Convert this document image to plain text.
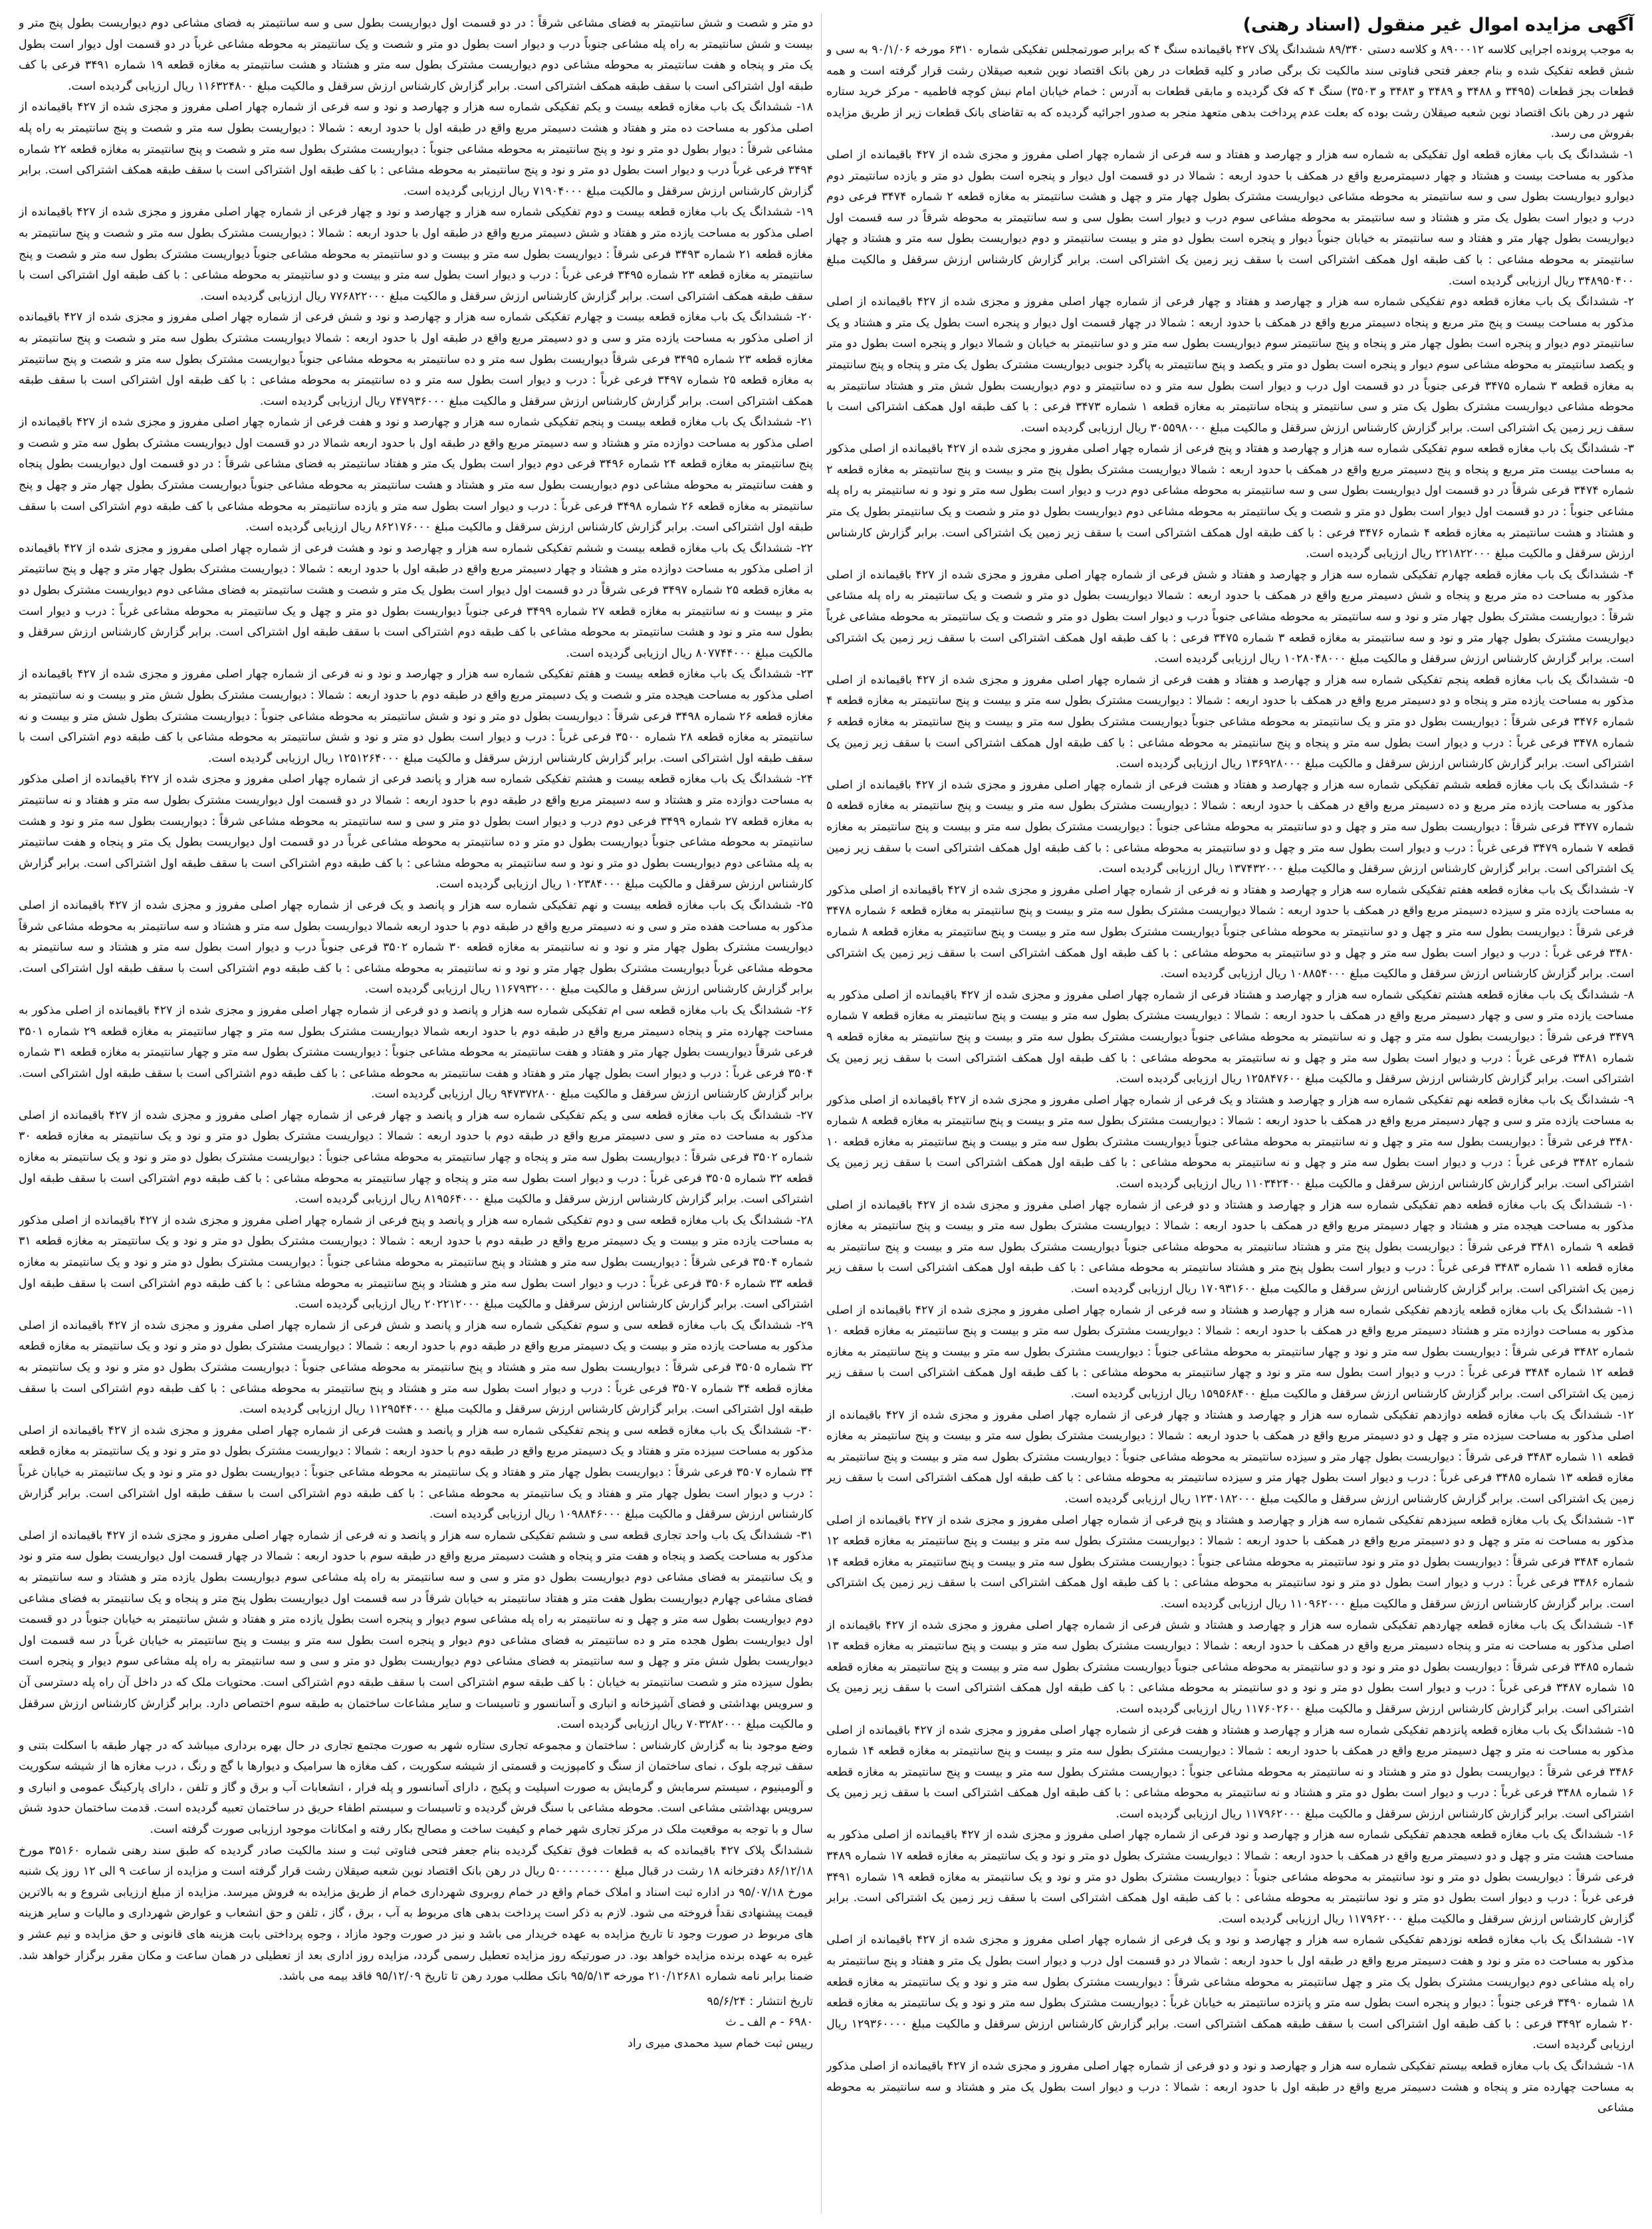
آگهی مزایده اموال غیر منقول (اسناد رهنی)

به موجب پرونده اجرایی کلاسه ۸۹۰۰۰۱۲ و کلاسه دستی ۸۹/۳۴۰ ششدانگ پلاک ۴۲۷ باقیمانده سنگ ۴ که برابر صورتمجلس تفکیکی شماره ۶۳۱۰ مورخه ۹۰/۱/۰۶ به سی و شش قطعه تفکیک شده و بنام جعفر فتحی فناوتی سند مالکیت تک برگی صادر و کلیه قطعات در رهن بانک اقتصاد نوین شعبه صیقلان رشت قرار گرفته است و همه قطعات بجز قطعات (۳۴۹۵ و ۳۴۸۸ و ۳۴۸۹ و ۳۴۸۳ و ۳۵۰۳) سنگ ۴ که فک گردیده و مابقی قطعات به آدرس : خمام خیابان امام نبش کوچه فاطمیه - مرکز خرید ستاره شهر در رهن بانک اقتصاد نوین شعبه صیقلان رشت بوده که بعلت عدم پرداخت بدهی متعهد منجر به صدور اجرائیه گردیده که به تقاضای بانک قطعات زیر از طریق مزایده بفروش می رسد.

۱- ششدانگ یک باب مغازه قطعه اول تفکیکی به شماره سه هزار و چهارصد و هفتاد و سه فرعی از شماره چهار اصلی مفروز و مجزی شده از ۴۲۷ باقیمانده از اصلی مذکور به مساحت بیست و هشتاد و چهار دسیمترمربع واقع در همکف با حدود اربعه : شمالا در دو قسمت اول دیوار و پنجره است بطول دو متر و یازده سانتیمتر دوم دیوارو دیواریست بطول سی و سه سانتیمتر به محوطه مشاعی دیواریست مشترک بطول چهار متر و چهل و هشت سانتیمتر به مغازه قطعه ۲ شماره ۳۴۷۴ فرعی دوم درب و دیوار است بطول یک متر و هشتاد و سه سانتیمتر به محوطه مشاعی سوم درب و دیوار است بطول سی و سه سانتیمتر به محوطه شرقاً در سه قسمت اول دیواریست بطول چهار متر و هفتاد و سه سانتیمتر به خیابان جنوباً دیوار و پنجره است بطول دو متر و بیست سانتیمتر و دوم دیواریست بطول سه متر و هشتاد و چهار سانتیمتر به محوطه مشاعی : با کف طبقه اول همکف اشتراکی است با سقف زیر زمین یک اشتراکی است. برابر گزارش کارشناس ارزش سرقفل و مالکیت مبلغ ۳۴۸۹۵۰۴۰۰ ریال ارزیابی گردیده است.

۲- ششدانگ یک باب مغازه قطعه دوم تفکیکی شماره سه هزار و چهارصد و هفتاد و چهار فرعی از شماره چهار اصلی مفروز و مجزی شده از ۴۲۷ باقیمانده از اصلی مذکور به مساحت بیست و پنج متر مربع و پنجاه دسیمتر مربع واقع در همکف با حدود اربعه : شمالا در چهار قسمت اول دیوار و پنجره است بطول یک متر و هشتاد و یک سانتیمتر دوم دیوار و پنجره است بطول چهار متر و پنجاه و پنج سانتیمتر سوم دیواریست بطول سه متر و دو سانتیمتر به خیابان و شمالا دیوار و پنجره است بطول دو متر و یکصد سانتیمتر به محوطه مشاعی سوم دیوار و پنجره است بطول دو متر و یکصد و پنج سانتیمتر به پاگرد جنوبی دیواریست مشترک بطول یک متر و پنجاه و پنج سانتیمتر به مغازه قطعه ۳ شماره ۳۴۷۵ فرعی جنوباً در دو قسمت اول درب و دیوار است بطول سه متر و ده سانتیمتر و دوم دیواریست بطول شش متر و هشتاد سانتیمتر به محوطه مشاعی دیواریست مشترک بطول یک متر و سی سانتیمتر و پنجاه سانتیمتر به مغازه قطعه ۱ شماره ۳۴۷۳ فرعی : با کف طبقه اول همکف اشتراکی است با سقف زیر زمین یک اشتراکی است. برابر گزارش کارشناس ارزش سرقفل و مالکیت مبلغ ۳۰۵۵۹۸۰۰۰ ریال ارزیابی گردیده است.

۳- ششدانگ یک باب مغازه قطعه سوم تفکیکی شماره سه هزار و چهارصد و هفتاد و پنج فرعی از شماره چهار اصلی مفروز و مجزی شده از ۴۲۷ باقیمانده از اصلی مذکور به مساحت بیست متر مربع و پنجاه و پنج دسیمتر مربع واقع در همکف با حدود اربعه : شمالا دیواریست مشترک بطول پنج متر و بیست و پنج سانتیمتر به مغازه قطعه ۲ شماره ۳۴۷۴ فرعی شرقاً در دو قسمت اول دیواریست بطول سی و سه سانتیمتر به محوطه مشاعی دوم درب و دیوار است بطول سه متر و نود و نه سانتیمتر به راه پله مشاعی جنوباً : در دو قسمت اول دیوار است بطول دو متر و شصت و یک سانتیمتر به محوطه مشاعی دوم دیواریست بطول دو متر و شصت و یک سانتیمتر بطول یک متر و هشتاد و هشت سانتیمتر به مغازه قطعه ۴ شماره ۳۴۷۶ فرعی : با کف طبقه اول همکف اشتراکی است با سقف زیر زمین یک اشتراکی است. برابر گزارش کارشناس ارزش سرقفل و مالکیت مبلغ ۲۲۱۸۲۲۰۰۰ ریال ارزیابی گردیده است.

۴- ششدانگ یک باب مغازه قطعه چهارم تفکیکی شماره سه هزار و چهارصد و هفتاد و شش فرعی از شماره چهار اصلی مفروز و مجزی شده از ۴۲۷ باقیمانده از اصلی مذکور به مساحت ده متر مربع و پنجاه و شش دسیمتر مربع واقع در همکف با حدود اربعه : شمالا دیواریست بطول دو متر و شصت و یک سانتیمتر به راه پله مشاعی شرقاً : دیواریست مشترک بطول چهار متر و نود و سه سانتیمتر به محوطه مشاعی جنوباً درب و دیوار است بطول دو متر و شصت و یک سانتیمتر به محوطه مشاعی غرباً دیواریست مشترک بطول چهار متر و نود و سه سانتیمتر به مغازه قطعه ۳ شماره ۳۴۷۵ فرعی : با کف طبقه اول همکف اشتراکی است با سقف زیر زمین یک اشتراکی است. برابر گزارش کارشناس ارزش سرقفل و مالکیت مبلغ ۱۰۲۸۰۴۸۰۰۰ ریال ارزیابی گردیده است.

۵- ششدانگ یک باب مغازه قطعه پنجم تفکیکی شماره سه هزار و چهارصد و هفتاد و هفت فرعی از شماره چهار اصلی مفروز و مجزی شده از ۴۲۷ باقیمانده از اصلی مذکور به مساحت یازده متر و پنجاه و دو دسیمتر مربع واقع در همکف با حدود اربعه : شمالا : دیواریست مشترک بطول سه متر و بیست و پنج سانتیمتر به مغازه قطعه ۴ شماره ۳۴۷۶ فرعی شرقاً : دیواریست بطول دو متر و یک سانتیمتر به محوطه مشاعی جنوباً دیواریست مشترک بطول سه متر و بیست و پنج سانتیمتر به مغازه قطعه ۶ شماره ۳۴۷۸ فرعی غرباً : درب و دیوار است بطول سه متر و پنجاه و پنج سانتیمتر به محوطه مشاعی : با کف طبقه اول همکف اشتراکی است با سقف زیر زمین یک اشتراکی است. برابر گزارش کارشناس ارزش سرقفل و مالکیت مبلغ ۱۳۶۹۲۸۰۰۰ ریال ارزیابی گردیده است.

۶- ششدانگ یک باب مغازه قطعه ششم تفکیکی شماره سه هزار و چهارصد و هفتاد و هشت فرعی از شماره چهار اصلی مفروز و مجزی شده از ۴۲۷ باقیمانده از اصلی مذکور به مساحت یازده متر مربع و ده دسیمتر مربع واقع در همکف با حدود اربعه : شمالا : دیواریست مشترک بطول سه متر و بیست و پنج سانتیمتر به مغازه قطعه ۵ شماره ۳۴۷۷ فرعی شرقاً : دیواریست بطول سه متر و چهل و دو سانتیمتر به محوطه مشاعی جنوباً : دیواریست مشترک بطول سه متر و بیست و پنج سانتیمتر به مغازه قطعه ۷ شماره ۳۴۷۹ فرعی غرباً : درب و دیوار است بطول سه متر و چهل و دو سانتیمتر به محوطه مشاعی : با کف طبقه اول همکف اشتراکی است با سقف زیر زمین یک اشتراکی است. برابر گزارش کارشناس ارزش سرقفل و مالکیت مبلغ ۱۳۷۴۳۲۰۰۰ ریال ارزیابی گردیده است.

۷- ششدانگ یک باب مغازه قطعه هفتم تفکیکی شماره سه هزار و چهارصد و هفتاد و نه فرعی از شماره چهار اصلی مفروز و مجزی شده از ۴۲۷ باقیمانده از اصلی مذکور به مساحت یازده متر و سیزده دسیمتر مربع واقع در همکف با حدود اربعه : شمالا دیواریست مشترک بطول سه متر و بیست و پنج سانتیمتر به مغازه قطعه ۶ شماره ۳۴۷۸ فرعی شرقاً : دیواریست بطول سه متر و چهل و دو سانتیمتر به محوطه مشاعی جنوباً دیواریست مشترک بطول سه متر و بیست و پنج سانتیمتر به مغازه قطعه ۸ شماره ۳۴۸۰ فرعی غرباً : درب و دیوار است بطول سه متر و چهل و دو سانتیمتر به محوطه مشاعی : با کف طبقه اول همکف اشتراکی است با سقف زیر زمین یک اشتراکی است. برابر گزارش کارشناس ارزش سرقفل و مالکیت مبلغ ۱۰۸۸۵۴۰۰۰ ریال ارزیابی گردیده است.

۸- ششدانگ یک باب مغازه قطعه هشتم تفکیکی شماره سه هزار و چهارصد و هشتاد فرعی از شماره چهار اصلی مفروز و مجزی شده از ۴۲۷ باقیمانده از اصلی مذکور به مساحت یازده متر و سی و چهار دسیمتر مربع واقع در همکف با حدود اربعه : شمالا : دیواریست مشترک بطول سه متر و بیست و پنج سانتیمتر به مغازه قطعه ۷ شماره ۳۴۷۹ فرعی شرقاً : دیواریست بطول سه متر و چهل و نه سانتیمتر به محوطه مشاعی جنوباً دیواریست مشترک بطول سه متر و بیست و پنج سانتیمتر به مغازه قطعه ۹ شماره ۳۴۸۱ فرعی غرباً : درب و دیوار است بطول سه متر و چهل و نه سانتیمتر به محوطه مشاعی : با کف طبقه اول همکف اشتراکی است با سقف زیر زمین یک اشتراکی است. برابر گزارش کارشناس ارزش سرقفل و مالکیت مبلغ ۱۲۵۸۴۷۶۰۰ ریال ارزیابی گردیده است.

۹- ششدانگ یک باب مغازه قطعه نهم تفکیکی شماره سه هزار و چهارصد و هشتاد و یک فرعی از شماره چهار اصلی مفروز و مجزی شده از ۴۲۷ باقیمانده از اصلی مذکور به مساحت یازده متر و سی و چهار دسیمتر مربع واقع در همکف با حدود اربعه : شمالا : دیواریست مشترک بطول سه متر و بیست و پنج سانتیمتر به مغازه قطعه ۸ شماره ۳۴۸۰ فرعی شرقاً : دیواریست بطول سه متر و چهل و نه سانتیمتر به محوطه مشاعی جنوباً دیواریست مشترک بطول سه متر و بیست و پنج سانتیمتر به مغازه قطعه ۱۰ شماره ۳۴۸۲ فرعی غرباً : درب و دیوار است بطول سه متر و چهل و نه سانتیمتر به محوطه مشاعی : با کف طبقه اول همکف اشتراکی است با سقف زیر زمین یک اشتراکی است. برابر گزارش کارشناس ارزش سرقفل و مالکیت مبلغ ۱۱۰۳۴۲۴۰۰ ریال ارزیابی گردیده است.

۱۰- ششدانگ یک باب مغازه قطعه دهم تفکیکی شماره سه هزار و چهارصد و هشتاد و دو فرعی از شماره چهار اصلی مفروز و مجزی شده از ۴۲۷ باقیمانده از اصلی مذکور به مساحت هیجده متر و هشتاد و چهار دسیمتر مربع واقع در همکف با حدود اربعه : شمالا : دیواریست مشترک بطول سه متر و بیست و پنج سانتیمتر به مغازه قطعه ۹ شماره ۳۴۸۱ فرعی شرقاً : دیواریست بطول پنج متر و هشتاد سانتیمتر به محوطه مشاعی جنوباً دیواریست مشترک بطول سه متر و بیست و پنج سانتیمتر به مغازه قطعه ۱۱ شماره ۳۴۸۳ فرعی غرباً : درب و دیوار است بطول پنج متر و هشتاد سانتیمتر به محوطه مشاعی : با کف طبقه اول همکف اشتراکی است با سقف زیر زمین یک اشتراکی است. برابر گزارش کارشناس ارزش سرقفل و مالکیت مبلغ ۱۷۰۹۳۱۶۰۰ ریال ارزیابی گردیده است.

۱۱- ششدانگ یک باب مغازه قطعه یازدهم تفکیکی شماره سه هزار و چهارصد و هشتاد و سه فرعی از شماره چهار اصلی مفروز و مجزی شده از ۴۲۷ باقیمانده از اصلی مذکور به مساحت دوازده متر و هشتاد دسیمتر مربع واقع در همکف با حدود اربعه : شمالا : دیواریست مشترک بطول سه متر و بیست و پنج سانتیمتر به مغازه قطعه ۱۰ شماره ۳۴۸۲ فرعی شرقاً : دیواریست بطول سه متر و نود و چهار سانتیمتر به محوطه مشاعی جنوباً : دیواریست مشترک بطول سه متر و بیست و پنج سانتیمتر به مغازه قطعه ۱۲ شماره ۳۴۸۴ فرعی غرباً : درب و دیوار است بطول سه متر و نود و چهار سانتیمتر به محوطه مشاعی : با کف طبقه اول همکف اشتراکی است با سقف زیر زمین یک اشتراکی است. برابر گزارش کارشناس ارزش سرقفل و مالکیت مبلغ ۱۵۹۵۶۸۴۰۰ ریال ارزیابی گردیده است.

۱۲- ششدانگ یک باب مغازه قطعه دوازدهم تفکیکی شماره سه هزار و چهارصد و هشتاد و چهار فرعی از شماره چهار اصلی مفروز و مجزی شده از ۴۲۷ باقیمانده از اصلی مذکور به مساحت سیزده متر و چهل و دو دسیمتر مربع واقع در همکف با حدود اربعه : شمالا : دیواریست مشترک بطول سه متر و بیست و پنج سانتیمتر به مغازه قطعه ۱۱ شماره ۳۴۸۳ فرعی شرقاً : دیواریست بطول چهار متر و سیزده سانتیمتر به محوطه مشاعی جنوباً : دیواریست مشترک بطول سه متر و بیست و پنج سانتیمتر به مغازه قطعه ۱۳ شماره ۳۴۸۵ فرعی غرباً : درب و دیوار است بطول چهار متر و سیزده سانتیمتر به محوطه مشاعی : با کف طبقه اول همکف اشتراکی است با سقف زیر زمین یک اشتراکی است. برابر گزارش کارشناس ارزش سرقفل و مالکیت مبلغ ۱۲۳۰۱۸۲۰۰۰ ریال ارزیابی گردیده است.

۱۳- ششدانگ یک باب مغازه قطعه سیزدهم تفکیکی شماره سه هزار و چهارصد و هشتاد و پنج فرعی از شماره چهار اصلی مفروز و مجزی شده از ۴۲۷ باقیمانده از اصلی مذکور به مساحت نه متر و چهل و دو دسیمتر مربع واقع در همکف با حدود اربعه : شمالا : دیواریست مشترک بطول سه متر و بیست و پنج سانتیمتر به مغازه قطعه ۱۲ شماره ۳۴۸۴ فرعی شرقاً : دیواریست بطول دو متر و نود سانتیمتر به محوطه مشاعی جنوباً : دیواریست مشترک بطول سه متر و بیست و پنج سانتیمتر به مغازه قطعه ۱۴ شماره ۳۴۸۶ فرعی غرباً : درب و دیوار است بطول دو متر و نود سانتیمتر به محوطه مشاعی : با کف طبقه اول همکف اشتراکی است با سقف زیر زمین یک اشتراکی است. برابر گزارش کارشناس ارزش سرقفل و مالکیت مبلغ ۱۱۰۹۶۲۰۰۰ ریال ارزیابی گردیده است.

۱۴- ششدانگ یک باب مغازه قطعه چهاردهم تفکیکی شماره سه هزار و چهارصد و هشتاد و شش فرعی از شماره چهار اصلی مفروز و مجزی شده از ۴۲۷ باقیمانده از اصلی مذکور به مساحت نه متر و پنجاه دسیمتر مربع واقع در همکف با حدود اربعه : شمالا : دیواریست مشترک بطول سه متر و بیست و پنج سانتیمتر به مغازه قطعه ۱۳ شماره ۳۴۸۵ فرعی شرقاً : دیواریست بطول دو متر و نود و دو سانتیمتر به محوطه مشاعی جنوباً دیواریست مشترک بطول سه متر و بیست و پنج سانتیمتر به مغازه قطعه ۱۵ شماره ۳۴۸۷ فرعی غرباً : درب و دیوار است بطول دو متر و نود و دو سانتیمتر به محوطه مشاعی : با کف طبقه اول همکف اشتراکی است با سقف زیر زمین یک اشتراکی است. برابر گزارش کارشناس ارزش سرقفل و مالکیت مبلغ ۱۱۷۶۰۲۶۰۰ ریال ارزیابی گردیده است.

۱۵- ششدانگ یک باب مغازه قطعه پانزدهم تفکیکی شماره سه هزار و چهارصد و هشتاد و هفت فرعی از شماره چهار اصلی مفروز و مجزی شده از ۴۲۷ باقیمانده از اصلی مذکور به مساحت نه متر و چهل دسیمتر مربع واقع در همکف با حدود اربعه : شمالا : دیواریست مشترک بطول سه متر و بیست و پنج سانتیمتر به مغازه قطعه ۱۴ شماره ۳۴۸۶ فرعی شرقاً : دیواریست بطول دو متر و هشتاد و نه سانتیمتر به محوطه مشاعی جنوباً : دیواریست مشترک بطول سه متر و بیست و پنج سانتیمتر به مغازه قطعه ۱۶ شماره ۳۴۸۸ فرعی غرباً : درب و دیوار است بطول دو متر و هشتاد و نه سانتیمتر به محوطه مشاعی : با کف طبقه اول همکف اشتراکی است با سقف زیر زمین یک اشتراکی است. برابر گزارش کارشناس ارزش سرقفل و مالکیت مبلغ ۱۱۷۹۶۲۰۰۰ ریال ارزیابی گردیده است.

۱۶- ششدانگ یک باب مغازه قطعه هجدهم تفکیکی شماره سه هزار و چهارصد و نود فرعی از شماره چهار اصلی مفروز و مجزی شده از ۴۲۷ باقیمانده از اصلی مذکور به مساحت هشت متر و چهل و دو دسیمتر مربع واقع در همکف با حدود اربعه : شمالا : دیواریست مشترک بطول دو متر و نود و یک سانتیمتر به مغازه قطعه ۱۷ شماره ۳۴۸۹ فرعی شرقاً : دیواریست بطول دو متر و نود سانتیمتر به محوطه مشاعی جنوباً : دیواریست مشترک بطول دو متر و نود و یک سانتیمتر به مغازه قطعه ۱۹ شماره ۳۴۹۱ فرعی غرباً : درب و دیوار است بطول دو متر و نود سانتیمتر به محوطه مشاعی : با کف طبقه اول همکف اشتراکی است با سقف زیر زمین یک اشتراکی است. برابر گزارش کارشناس ارزش سرقفل و مالکیت مبلغ ۱۱۷۹۶۲۰۰۰ ریال ارزیابی گردیده است.

۱۷- ششدانگ یک باب مغازه قطعه نوزدهم تفکیکی شماره سه هزار و چهارصد و نود و یک فرعی از شماره چهار اصلی مفروز و مجزی شده از ۴۲۷ باقیمانده از اصلی مذکور به مساحت ده متر و نود و هفت دسیمتر مربع واقع در طبقه اول با حدود اربعه : شمالا در دو قسمت اول درب و دیوار است بطول یک متر و هفتاد و پنج سانتیمتر به راه پله مشاعی دوم دیواریست مشترک بطول یک متر و چهل سانتیمتر به محوطه مشاعی شرقاً : دیواریست مشترک بطول سه متر و نود و یک سانتیمتر به مغازه قطعه ۱۸ شماره ۳۴۹۰ فرعی جنوباً : دیوار و پنجره است بطول سه متر و پانزده سانتیمتر به خیابان غرباً : دیواریست مشترک بطول سه متر و نود و یک سانتیمتر به مغازه قطعه ۲۰ شماره ۳۴۹۲ فرعی : با کف طبقه اول اشتراکی است با سقف طبقه همکف اشتراکی است. برابر گزارش کارشناس ارزش سرقفل و مالکیت مبلغ ۱۲۹۳۶۰۰۰۰ ریال ارزیابی گردیده است.

۱۸- ششدانگ یک باب مغازه قطعه بیستم تفکیکی شماره سه هزار و چهارصد و نود و دو فرعی از شماره چهار اصلی مفروز و مجزی شده از ۴۲۷ باقیمانده از اصلی مذکور به مساحت چهارده متر و پنجاه و هشت دسیمتر مربع واقع در طبقه اول با حدود اربعه : شمالا : درب و دیوار است بطول یک متر و هشتاد و سه سانتیمتر به محوطه مشاعی

دو متر و شصت و شش سانتیمتر به فضای مشاعی شرقاً : در دو قسمت اول دیواریست بطول سی و سه سانتیمتر به فضای مشاعی دوم دیواریست بطول پنج متر و بیست و شش سانتیمتر به راه پله مشاعی جنوباً درب و دیوار است بطول دو متر و شصت و یک سانتیمتر به محوطه مشاعی غرباً در دو قسمت اول دیوار است بطول یک متر و پنجاه و هفت سانتیمتر به محوطه مشاعی دوم دیواریست مشترک بطول سه متر و هشتاد و هشت سانتیمتر به مغازه قطعه ۱۹ شماره ۳۴۹۱ فرعی با کف طبقه اول اشتراکی است با سقف طبقه همکف اشتراکی است. برابر گزارش کارشناس ارزش سرقفل و مالکیت مبلغ ۱۱۶۳۲۴۸۰۰ ریال ارزیابی گردیده است.

۱۸- ششدانگ یک باب مغازه قطعه بیست و یکم تفکیکی شماره سه هزار و چهارصد و نود و سه فرعی از شماره چهار اصلی مفروز و مجزی شده از ۴۲۷ باقیمانده از اصلی مذکور به مساحت ده متر و هفتاد و هشت دسیمتر مربع واقع در طبقه اول با حدود اربعه : شمالا : دیواریست بطول سه متر و شصت و پنج سانتیمتر به راه پله مشاعی شرقاً : دیوار بطول دو متر و نود و پنج سانتیمتر به محوطه مشاعی جنوباً : دیواریست مشترک بطول سه متر و شصت و پنج سانتیمتر به مغازه قطعه ۲۲ شماره ۳۴۹۴ فرعی غرباً درب و دیوار است بطول دو متر و نود و پنج سانتیمتر به محوطه مشاعی : با کف طبقه اول اشتراکی است با سقف طبقه همکف اشتراکی است. برابر گزارش کارشناس ارزش سرقفل و مالکیت مبلغ ۷۱۹۰۴۰۰۰ ریال ارزیابی گردیده است.

۱۹- ششدانگ یک باب مغازه قطعه بیست و دوم تفکیکی شماره سه هزار و چهارصد و نود و چهار فرعی از شماره چهار اصلی مفروز و مجزی شده از ۴۲۷ باقیمانده از اصلی مذکور به مساحت یازده متر و هفتاد و شش دسیمتر مربع واقع در طبقه اول با حدود اربعه : شمالا : دیواریست مشترک بطول سه متر و شصت و پنج سانتیمتر به مغازه قطعه ۲۱ شماره ۳۴۹۳ فرعی شرقاً : دیواریست بطول سه متر و بیست و دو سانتیمتر به محوطه مشاعی جنوباً دیواریست مشترک بطول سه متر و شصت و پنج سانتیمتر به مغازه قطعه ۲۳ شماره ۳۴۹۵ فرعی غرباً : درب و دیوار است بطول سه متر و بیست و دو سانتیمتر به محوطه مشاعی : با کف طبقه اول اشتراکی است با سقف طبقه همکف اشتراکی است. برابر گزارش کارشناس ارزش سرقفل و مالکیت مبلغ ۷۷۶۸۲۲۰۰۰ ریال ارزیابی گردیده است.

۲۰- ششدانگ یک باب مغازه قطعه بیست و چهارم تفکیکی شماره سه هزار و چهارصد و نود و شش فرعی از شماره چهار اصلی مفروز و مجزی شده از ۴۲۷ باقیمانده از اصلی مذکور به مساحت یازده متر و سی و دو دسیمتر مربع واقع در طبقه اول با حدود اربعه : شمالا دیواریست مشترک بطول سه متر و شصت و پنج سانتیمتر به مغازه قطعه ۲۳ شماره ۳۴۹۵ فرعی شرقاً دیواریست بطول سه متر و ده سانتیمتر به محوطه مشاعی جنوباً دیواریست مشترک بطول سه متر و شصت و پنج سانتیمتر به مغازه قطعه ۲۵ شماره ۳۴۹۷ فرعی غرباً : درب و دیوار است بطول سه متر و ده سانتیمتر به محوطه مشاعی : با کف طبقه اول اشتراکی است با سقف طبقه همکف اشتراکی است. برابر گزارش کارشناس ارزش سرقفل و مالکیت مبلغ ۷۴۷۹۳۶۰۰۰ ریال ارزیابی گردیده است.

۲۱- ششدانگ یک باب مغازه قطعه بیست و پنجم تفکیکی شماره سه هزار و چهارصد و نود و هفت فرعی از شماره چهار اصلی مفروز و مجزی شده از ۴۲۷ باقیمانده از اصلی مذکور به مساحت دوازده متر و هشتاد و سه دسیمتر مربع واقع در طبقه اول با حدود اربعه شمالا در دو قسمت اول دیواریست مشترک بطول سه متر و شصت و پنج سانتیمتر به مغازه قطعه ۲۴ شماره ۳۴۹۶ فرعی دوم دیوار است بطول یک متر و هفتاد سانتیمتر به فضای مشاعی شرقاً : در دو قسمت اول دیواریست بطول پنجاه و هفت سانتیمتر به محوطه مشاعی دوم دیواریست بطول سه متر و هشتاد و هشت سانتیمتر به محوطه مشاعی جنوباً دیواریست مشترک بطول چهار متر و چهل و پنج سانتیمتر به مغازه قطعه ۲۶ شماره ۳۴۹۸ فرعی غرباً : درب و دیوار است بطول سه متر و یازده سانتیمتر به محوطه مشاعی با کف طبقه دوم اشتراکی است با سقف طبقه اول اشتراکی است. برابر گزارش کارشناس ارزش سرقفل و مالکیت مبلغ ۸۶۲۱۷۶۰۰۰ ریال ارزیابی گردیده است.

۲۲- ششدانگ یک باب مغازه قطعه بیست و ششم تفکیکی شماره سه هزار و چهارصد و نود و هشت فرعی از شماره چهار اصلی مفروز و مجزی شده از ۴۲۷ باقیمانده از اصلی مذکور به مساحت دوازده متر و هشتاد و چهار دسیمتر مربع واقع در طبقه اول با حدود اربعه : شمالا : دیواریست مشترک بطول چهار متر و چهل و پنج سانتیمتر به مغازه قطعه ۲۵ شماره ۳۴۹۷ فرعی شرقاً در دو قسمت اول دیوار است بطول یک متر و شصت و هشت سانتیمتر به فضای مشاعی دوم دیواریست مشترک بطول دو متر و بیست و نه سانتیمتر به مغازه قطعه ۲۷ شماره ۳۴۹۹ فرعی جنوباً دیواریست بطول دو متر و چهل و یک سانتیمتر به محوطه مشاعی غرباً : درب و دیوار است بطول سه متر و نود و هشت سانتیمتر به محوطه مشاعی با کف طبقه دوم اشتراکی است با سقف طبقه اول اشتراکی است. برابر گزارش کارشناس ارزش سرقفل و مالکیت مبلغ ۸۰۷۷۴۴۰۰۰ ریال ارزیابی گردیده است.

۲۳- ششدانگ یک باب مغازه قطعه بیست و هفتم تفکیکی شماره سه هزار و چهارصد و نود و نه فرعی از شماره چهار اصلی مفروز و مجزی شده از ۴۲۷ باقیمانده از اصلی مذکور به مساحت هیجده متر و شصت و یک دسیمتر مربع واقع در طبقه دوم با حدود اربعه : شمالا : دیواریست مشترک بطول شش متر و بیست و نه سانتیمتر به مغازه قطعه ۲۶ شماره ۳۴۹۸ فرعی شرقاً : دیواریست بطول دو متر و نود و شش سانتیمتر به محوطه مشاعی جنوباً : دیواریست مشترک بطول شش متر و بیست و نه سانتیمتر به مغازه قطعه ۲۸ شماره ۳۵۰۰ فرعی غرباً : درب و دیوار است بطول دو متر و نود و شش سانتیمتر به محوطه مشاعی با کف طبقه دوم اشتراکی است با سقف طبقه اول اشتراکی است. برابر گزارش کارشناس ارزش سرقفل و مالکیت مبلغ ۱۲۵۱۲۶۴۰۰۰ ریال ارزیابی گردیده است.

۲۴- ششدانگ یک باب مغازه قطعه بیست و هشتم تفکیکی شماره سه هزار و پانصد فرعی از شماره چهار اصلی مفروز و مجزی شده از ۴۲۷ باقیمانده از اصلی مذکور به مساحت دوازده متر و هشتاد و سه دسیمتر مربع واقع در طبقه دوم با حدود اربعه : شمالا در دو قسمت اول دیواریست مشترک بطول سه متر و هفتاد و نه سانتیمتر به مغازه قطعه ۲۷ شماره ۳۴۹۹ فرعی دوم درب و دیوار است بطول دو متر و سی و سه سانتیمتر به محوطه مشاعی شرقاً : دیواریست بطول سه متر و نود و هشت سانتیمتر به محوطه مشاعی جنوباً دیواریست بطول دو متر و ده سانتیمتر به محوطه مشاعی غرباً در دو قسمت اول دیواریست بطول یک متر و پنجاه و هفت سانتیمتر به پله مشاعی دوم دیواریست بطول دو متر و نود و سه سانتیمتر به محوطه مشاعی : با کف طبقه دوم اشتراکی است با سقف طبقه اول اشتراکی است. برابر گزارش کارشناس ارزش سرقفل و مالکیت مبلغ ۱۰۲۳۸۴۰۰۰ ریال ارزیابی گردیده است.

۲۵- ششدانگ یک باب مغازه قطعه بیست و نهم تفکیکی شماره سه هزار و پانصد و یک فرعی از شماره چهار اصلی مفروز و مجزی شده از ۴۲۷ باقیمانده از اصلی مذکور به مساحت هفده متر و سی و نه دسیمتر مربع واقع در طبقه دوم با حدود اربعه شمالا دیواریست بطول سه متر و هشتاد و سه سانتیمتر به محوطه مشاعی شرقاً دیواریست مشترک بطول چهار متر و نود و نه سانتیمتر به مغازه قطعه ۳۰ شماره ۳۵۰۲ فرعی جنوباً درب و دیوار است بطول سه متر و هشتاد و سه سانتیمتر به محوطه مشاعی غرباً دیواریست مشترک بطول چهار متر و نود و نه سانتیمتر به محوطه مشاعی : با کف طبقه دوم اشتراکی است با سقف طبقه اول اشتراکی است. برابر گزارش کارشناس ارزش سرقفل و مالکیت مبلغ ۱۱۶۷۹۳۲۰۰۰ ریال ارزیابی گردیده است.

۲۶- ششدانگ یک باب مغازه قطعه سی ام تفکیکی شماره سه هزار و پانصد و دو فرعی از شماره چهار اصلی مفروز و مجزی شده از ۴۲۷ باقیمانده از اصلی مذکور به مساحت چهارده متر و پنجاه دسیمتر مربع واقع در طبقه دوم با حدود اربعه شمالا دیواریست مشترک بطول سه متر و چهار سانتیمتر به مغازه قطعه ۲۹ شماره ۳۵۰۱ فرعی شرقاً دیواریست بطول چهار متر و هفتاد و هفت سانتیمتر به محوطه مشاعی جنوباً : دیواریست مشترک بطول سه متر و چهار سانتیمتر به مغازه قطعه ۳۱ شماره ۳۵۰۴ فرعی غرباً : درب و دیوار است بطول چهار متر و هفتاد و هفت سانتیمتر به محوطه مشاعی : با کف طبقه دوم اشتراکی است با سقف طبقه اول اشتراکی است. برابر گزارش کارشناس ارزش سرقفل و مالکیت مبلغ ۹۴۷۳۷۲۸۰۰ ریال ارزیابی گردیده است.

۲۷- ششدانگ یک باب مغازه قطعه سی و یکم تفکیکی شماره سه هزار و پانصد و چهار فرعی از شماره چهار اصلی مفروز و مجزی شده از ۴۲۷ باقیمانده از اصلی مذکور به مساحت ده متر و سی دسیمتر مربع واقع در طبقه دوم با حدود اربعه : شمالا : دیواریست مشترک بطول دو متر و نود و یک سانتیمتر به مغازه قطعه ۳۰ شماره ۳۵۰۲ فرعی شرقاً : دیواریست بطول سه متر و پنجاه و چهار سانتیمتر به محوطه مشاعی جنوباً : دیواریست مشترک بطول دو متر و نود و یک سانتیمتر به مغازه قطعه ۳۲ شماره ۳۵۰۵ فرعی غرباً : درب و دیوار است بطول سه متر و پنجاه و چهار سانتیمتر به محوطه مشاعی : با کف طبقه دوم اشتراکی است با سقف طبقه اول اشتراکی است. برابر گزارش کارشناس ارزش سرقفل و مالکیت مبلغ ۸۱۹۵۶۴۰۰۰ ریال ارزیابی گردیده است.

۲۸- ششدانگ یک باب مغازه قطعه سی و دوم تفکیکی شماره سه هزار و پانصد و پنج فرعی از شماره چهار اصلی مفروز و مجزی شده از ۴۲۷ باقیمانده از اصلی مذکور به مساحت یازده متر و بیست و یک دسیمتر مربع واقع در طبقه دوم با حدود اربعه : شمالا : دیواریست مشترک بطول دو متر و نود و یک سانتیمتر به مغازه قطعه ۳۱ شماره ۳۵۰۴ فرعی شرقاً : دیواریست بطول سه متر و هشتاد و پنج سانتیمتر به محوطه مشاعی جنوباً : دیواریست مشترک بطول دو متر و نود و یک سانتیمتر به مغازه قطعه ۳۳ شماره ۳۵۰۶ فرعی غرباً : درب و دیوار است بطول سه متر و هشتاد و پنج سانتیمتر به محوطه مشاعی : با کف طبقه دوم اشتراکی است با سقف طبقه اول اشتراکی است. برابر گزارش کارشناس ارزش سرقفل و مالکیت مبلغ ۲۰۲۲۱۲۰۰۰ ریال ارزیابی گردیده است.

۲۹- ششدانگ یک باب مغازه قطعه سی و سوم تفکیکی شماره سه هزار و پانصد و شش فرعی از شماره چهار اصلی مفروز و مجزی شده از ۴۲۷ باقیمانده از اصلی مذکور به مساحت یازده متر و بیست و یک دسیمتر مربع واقع در طبقه دوم با حدود اربعه : شمالا : دیواریست مشترک بطول دو متر و نود و یک سانتیمتر به مغازه قطعه ۳۲ شماره ۳۵۰۵ فرعی شرقاً : دیواریست بطول سه متر و هشتاد و پنج سانتیمتر به محوطه مشاعی جنوباً : دیواریست مشترک بطول دو متر و نود و یک سانتیمتر به مغازه قطعه ۳۴ شماره ۳۵۰۷ فرعی غرباً : درب و دیوار است بطول سه متر و هشتاد و پنج سانتیمتر به محوطه مشاعی : با کف طبقه دوم اشتراکی است با سقف طبقه اول اشتراکی است. برابر گزارش کارشناس ارزش سرقفل و مالکیت مبلغ ۱۱۲۹۵۴۴۰۰۰ ریال ارزیابی گردیده است.

۳۰- ششدانگ یک باب مغازه قطعه سی و پنجم تفکیکی شماره سه هزار و پانصد و هشت فرعی از شماره چهار اصلی مفروز و مجزی شده از ۴۲۷ باقیمانده از اصلی مذکور به مساحت سیزده متر و هفتاد و یک دسیمتر مربع واقع در طبقه دوم با حدود اربعه : شمالا : دیواریست مشترک بطول دو متر و نود و یک سانتیمتر به مغازه قطعه ۳۴ شماره ۳۵۰۷ فرعی شرقاً : دیواریست بطول چهار متر و هفتاد و یک سانتیمتر به محوطه مشاعی جنوباً : دیواریست بطول دو متر و نود و یک سانتیمتر به خیابان غرباً : درب و دیوار است بطول چهار متر و هفتاد و یک سانتیمتر به محوطه مشاعی : با کف طبقه دوم اشتراکی است با سقف طبقه اول اشتراکی است. برابر گزارش کارشناس ارزش سرقفل و مالکیت مبلغ ۱۰۹۸۸۴۶۰۰۰ ریال ارزیابی گردیده است.

۳۱- ششدانگ یک باب واحد تجاری قطعه سی و ششم تفکیکی شماره سه هزار و پانصد و نه فرعی از شماره چهار اصلی مفروز و مجزی شده از ۴۲۷ باقیمانده از اصلی مذکور به مساحت یکصد و پنجاه و هفت متر و پنجاه و هشت دسیمتر مربع واقع در طبقه سوم با حدود اربعه : شمالا در چهار قسمت اول دیواریست بطول سه متر و نود و یک سانتیمتر به فضای مشاعی دوم دیواریست بطول دو متر و سی و سه سانتیمتر به راه پله مشاعی سوم دیواریست بطول یازده متر و هشتاد و سه سانتیمتر به فضای مشاعی چهارم دیواریست بطول هفت متر و هفتاد سانتیمتر به خیابان شرقاً در سه قسمت اول دیواریست بطول پنج متر و پنجاه و یک سانتیمتر به فضای مشاعی دوم دیواریست بطول سه متر و چهل و نه سانتیمتر به راه پله مشاعی سوم دیوار و پنجره است بطول یازده متر و هفتاد و شش سانتیمتر به خیابان جنوباً در دو قسمت اول دیواریست بطول هجده متر و ده سانتیمتر به فضای مشاعی دوم دیوار و پنجره است بطول سه متر و بیست و پنج سانتیمتر به خیابان غرباً در سه قسمت اول دیواریست بطول شش متر و چهل و سه سانتیمتر به فضای مشاعی دوم دیواریست بطول دو متر و سی و سه سانتیمتر به راه پله مشاعی سوم دیوار و پنجره است بطول سیزده متر و شصت سانتیمتر به خیابان : با کف طبقه سوم اشتراکی است با سقف طبقه دوم اشتراکی است. محتویات ملک که در داخل آن راه پله دسترسی آن و سرویس بهداشتی و فضای آشپزخانه و انباری و آسانسور و تاسیسات و سایر مشاعات ساختمان به طبقه سوم اختصاص دارد. برابر گزارش کارشناس ارزش سرقفل و مالکیت مبلغ ۷۰۳۲۸۲۰۰۰ ریال ارزیابی گردیده است.

وضع موجود بنا به گزارش کارشناس : ساختمان و مجموعه تجاری ستاره شهر به صورت مجتمع تجاری در حال بهره برداری میباشد که در چهار طبقه با اسکلت بتنی و سقف تیرچه بلوک ، نمای ساختمان از سنگ و کامپوزیت و قسمتی از شیشه سکوریت ، کف مغازه ها سرامیک و دیوارها با گچ و رنگ ، درب مغازه ها از شیشه سکوریت و آلومینیوم ، سیستم سرمایش و گرمایش به صورت اسپلیت و پکیج ، دارای آسانسور و پله فرار ، انشعابات آب و برق و گاز و تلفن ، دارای پارکینگ عمومی و انباری و سرویس بهداشتی مشاعی است. محوطه مشاعی با سنگ فرش گردیده و تاسیسات و سیستم اطفاء حریق در ساختمان تعبیه گردیده است. قدمت ساختمان حدود شش سال و با توجه به موقعیت ملک در مرکز تجاری شهر خمام و کیفیت ساخت و مصالح بکار رفته و امکانات موجود ارزیابی صورت گرفته است.

ششدانگ پلاک ۴۲۷ باقیمانده که به قطعات فوق تفکیک گردیده بنام جعفر فتحی فناوتی ثبت و سند مالکیت صادر گردیده که طبق سند رهنی شماره ۳۵۱۶۰ مورخ ۸۶/۱۲/۱۸ دفترخانه ۱۸ رشت در قبال مبلغ ۵۰۰۰۰۰۰۰۰۰ ریال در رهن بانک اقتصاد نوین شعبه صیقلان رشت قرار گرفته است و مزایده از ساعت ۹ الی ۱۲ روز یک شنبه مورخ ۹۵/۰۷/۱۸ در اداره ثبت اسناد و املاک خمام واقع در خمام روبروی شهرداری خمام از طریق مزایده به فروش میرسد. مزایده از مبلغ ارزیابی شروع و به بالاترین قیمت پیشنهادی نقداً فروخته می شود. لازم به ذکر است پرداخت بدهی های مربوط به آب ، برق ، گاز ، تلفن و حق انشعاب و عوارض شهرداری و مالیات و سایر هزینه های مربوط در صورت وجود تا تاریخ مزایده به عهده خریدار می باشد و نیز در صورت وجود مازاد ، وجوه پرداختی بابت هزینه های قانونی و حق مزایده و نیم عشر و غیره به عهده برنده مزایده خواهد بود. در صورتیکه روز مزایده تعطیل رسمی گردد، مزایده روز اداری بعد از تعطیلی در همان ساعت و مکان مقرر برگزار خواهد شد. ضمنا برابر نامه شماره ۲۱۰/۱۲۶۸۱ مورخه ۹۵/۵/۱۳ بانک مطلب مورد رهن تا تاریخ ۹۵/۱۲/۰۹ فاقد بیمه می باشد.

تاریخ انتشار : ۹۵/۶/۲۴

۶۹۸۰ - م الف ـ ث

رییس ثبت خمام سید محمدی میری راد
